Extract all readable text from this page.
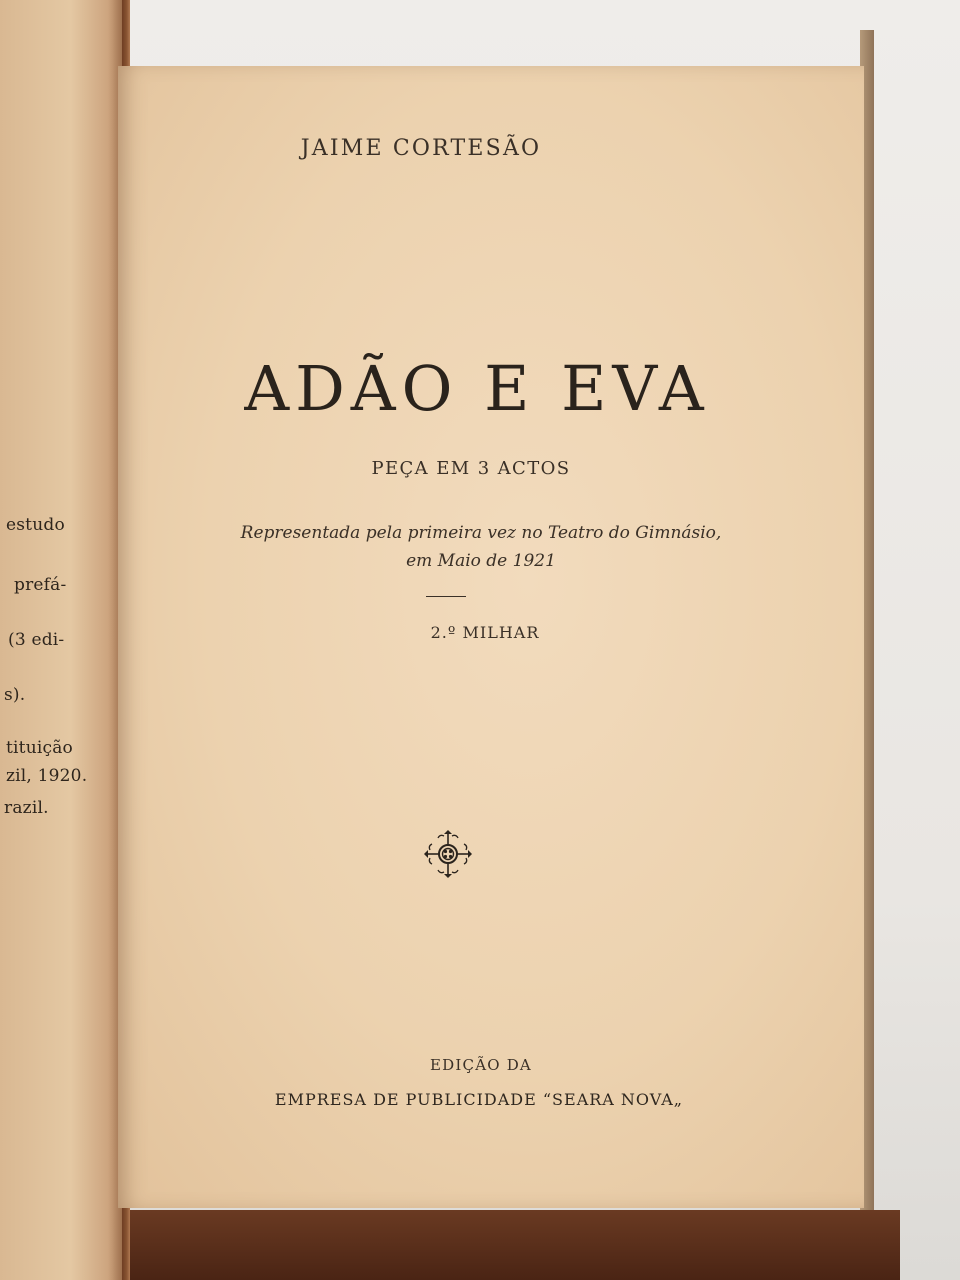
estudo
prefá-
(3 edi-
s).
tituição
zil, 1920.
razil.
JAIME CORTESÃO
ADÃO E EVA
PEÇA EM 3 ACTOS
Representada pela primeira vez no Teatro do Gimnásio,
em Maio de 1921
2.º MILHAR
EDIÇÃO DA
EMPRESA DE PUBLICIDADE “SEARA NOVA„
